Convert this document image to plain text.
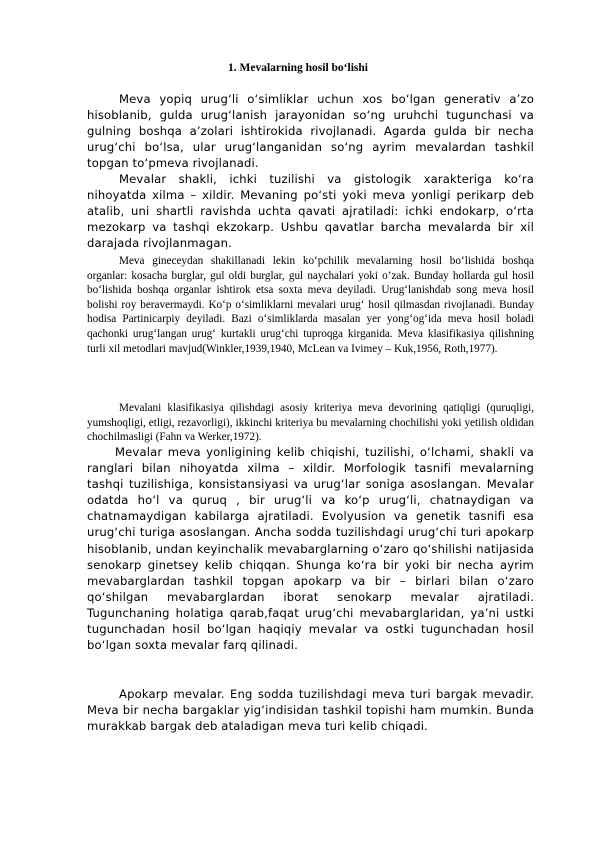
1. Mevalarning hosil bo‘lishi

Meva yopiq urug‘li o‘simliklar uchun xos bo‘lgan generativ a’zo hisoblanib, gulda urug‘lanish jarayonidan so‘ng uruhchi tugunchasi va gulning boshqa a’zolari ishtirokida rivojlanadi. Agarda gulda bir necha urug‘chi bo‘lsa, ular urug‘langanidan so‘ng ayrim mevalardan tashkil topgan to‘pmeva rivojlanadi.

Mevalar shakli, ichki tuzilishi va gistologik xarakteriga ko‘ra nihoyatda xilma – xildir. Mevaning po‘sti yoki meva yonligi perikarp deb atalib, uni shartli ravishda uchta qavati ajratiladi: ichki endokarp, o‘rta mezokarp va tashqi ekzokarp. Ushbu qavatlar barcha mevalarda bir xil darajada rivojlanmagan.

Meva gineceydan shakillanadi lekin ko‘pchilik mevalarning hosil bo‘lishida boshqa organlar: kosacha burglar, gul oldi burglar, gul naychalari yoki o’zak. Bunday hollarda gul hosil bo‘lishida boshqa organlar ishtirok etsa soxta meva deyiladi. Urug‘lanishdab song meva hosil bolishi roy beravermaydi. Ko‘p o‘simliklarni mevalari urug‘ hosil qilmasdan rivojlanadi. Bunday hodisa Partinicarpiy deyiladi. Bazi o‘simliklarda masalan yer yong‘og‘ida meva hosil boladi qachonki urug‘langan urug‘ kurtakli urug‘chi tuproqga kirganida. Meva klasifikasiya qilishning turli xil metodlari mavjud(Winkler,1939,1940, McLean va Ivimey – Kuk,1956, Roth,1977).

Mevalani klasifikasiya qilishdagi asosiy kriteriya meva devorining qatiqligi (quruqligi, yumshoqligi, etligi, rezavorligi), ikkinchi kriteriya bu mevalarning chochilishi yoki yetilish oldidan chochilmasligi (Fahn va Werker,1972).

Mevalar meva yonligining kelib chiqishi, tuzilishi, o‘lchami, shakli va ranglari bilan nihoyatda xilma – xildir. Morfologik tasnifi mevalarning tashqi tuzilishiga, konsistansiyasi va urug‘lar soniga asoslangan. Mevalar odatda ho‘l va quruq , bir urug‘li va ko‘p urug‘li, chatnaydigan va chatnamaydigan kabilarga ajratiladi. Evolyusion va genetik tasnifi esa urug‘chi turiga asoslangan. Ancha sodda tuzilishdagi urug‘chi turi apokarp hisoblanib, undan keyinchalik mevabarglarning o‘zaro qo‘shilishi natijasida senokarp ginetsey kelib chiqqan. Shunga ko‘ra bir yoki bir necha ayrim mevabarglardan tashkil topgan apokarp va bir – birlari bilan o‘zaro qo‘shilgan mevabarglardan iborat senokarp mevalar ajratiladi. Tugunchaning holatiga qarab,faqat urug‘chi mevabarglaridan, ya’ni ustki tugunchadan hosil bo‘lgan haqiqiy mevalar va ostki tugunchadan hosil bo‘lgan soxta mevalar farq qilinadi.

Apokarp mevalar. Eng sodda tuzilishdagi meva turi bargak mevadir. Meva bir necha bargaklar yig‘indisidan tashkil topishi ham mumkin. Bunda murakkab bargak deb ataladigan meva turi kelib chiqadi.
